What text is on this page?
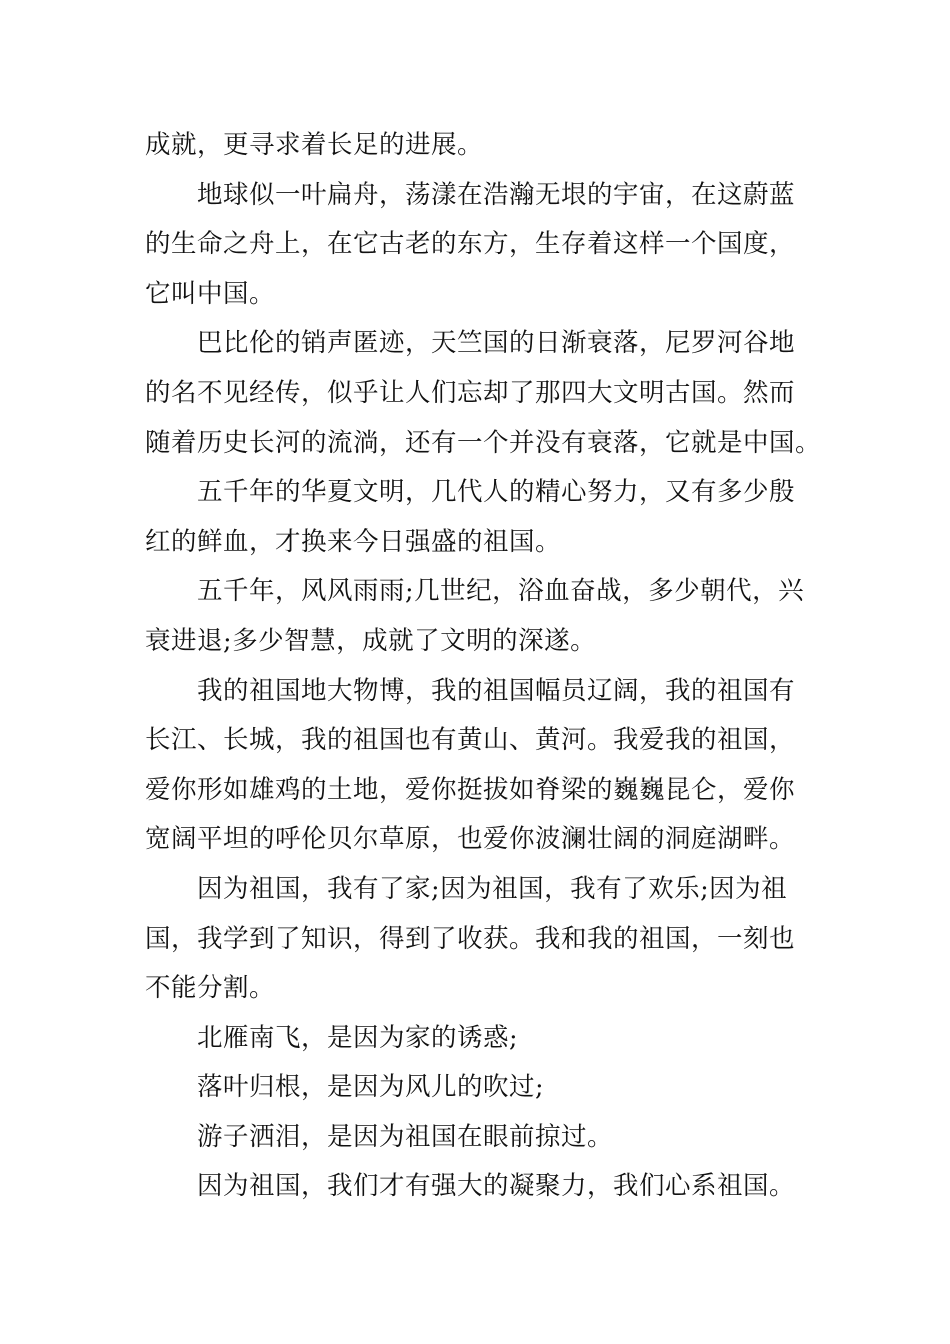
成就，更寻求着长足的进展。
地球似一叶扁舟，荡漾在浩瀚无垠的宇宙，在这蔚蓝
的生命之舟上，在它古老的东方，生存着这样一个国度，
它叫中国。
巴比伦的销声匿迹，天竺国的日渐衰落，尼罗河谷地
的名不见经传，似乎让人们忘却了那四大文明古国。然而
随着历史长河的流淌，还有一个并没有衰落，它就是中国。
五千年的华夏文明，几代人的精心努力，又有多少殷
红的鲜血，才换来今日强盛的祖国。
五千年，风风雨雨;几世纪，浴血奋战，多少朝代，兴
衰进退;多少智慧，成就了文明的深遂。
我的祖国地大物博，我的祖国幅员辽阔，我的祖国有
长江、长城，我的祖国也有黄山、黄河。我爱我的祖国，
爱你形如雄鸡的土地，爱你挺拔如脊梁的巍巍昆仑，爱你
宽阔平坦的呼伦贝尔草原，也爱你波澜壮阔的洞庭湖畔。
因为祖国，我有了家;因为祖国，我有了欢乐;因为祖
国，我学到了知识，得到了收获。我和我的祖国，一刻也
不能分割。
北雁南飞，是因为家的诱惑;
落叶归根，是因为风儿的吹过;
游子洒泪，是因为祖国在眼前掠过。
因为祖国，我们才有强大的凝聚力，我们心系祖国。
